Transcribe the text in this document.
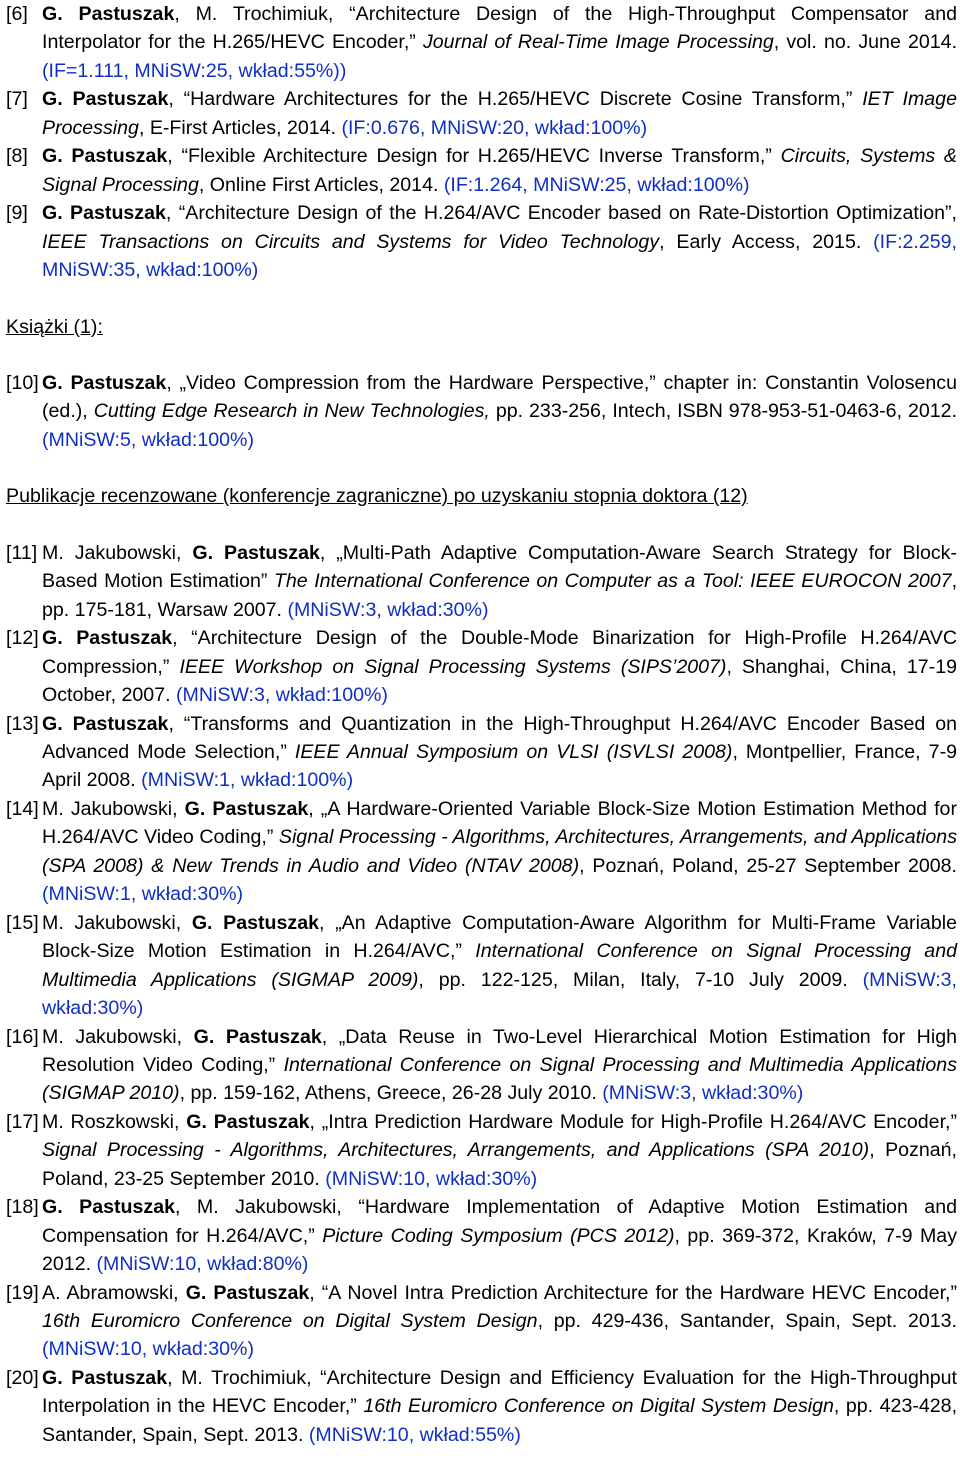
[6] G. Pastuszak, M. Trochimiuk, “Architecture Design of the High-Throughput Compensator and Interpolator for the H.265/HEVC Encoder,” Journal of Real-Time Image Processing, vol. no. June 2014. (IF=1.111, MNiSW:25, wkład:55%))

[7] G. Pastuszak, “Hardware Architectures for the H.265/HEVC Discrete Cosine Transform,” IET Image Processing, E-First Articles, 2014. (IF:0.676, MNiSW:20, wkład:100%)

[8] G. Pastuszak, “Flexible Architecture Design for H.265/HEVC Inverse Transform,” Circuits, Systems & Signal Processing, Online First Articles, 2014. (IF:1.264, MNiSW:25, wkład:100%)

[9] G. Pastuszak, “Architecture Design of the H.264/AVC Encoder based on Rate-Distortion Optimization”, IEEE Transactions on Circuits and Systems for Video Technology, Early Access, 2015. (IF:2.259, MNiSW:35, wkład:100%)

Książki (1):

[10] G. Pastuszak, „Video Compression from the Hardware Perspective,” chapter in: Constantin Volosencu (ed.), Cutting Edge Research in New Technologies, pp. 233-256, Intech, ISBN 978-953-51-0463-6, 2012. (MNiSW:5, wkład:100%)

Publikacje recenzowane (konferencje zagraniczne) po uzyskaniu stopnia doktora (12)

[11] M. Jakubowski, G. Pastuszak, „Multi-Path Adaptive Computation-Aware Search Strategy for Block-Based Motion Estimation” The International Conference on Computer as a Tool: IEEE EUROCON 2007, pp. 175-181, Warsaw 2007. (MNiSW:3, wkład:30%)

[12] G. Pastuszak, “Architecture Design of the Double-Mode Binarization for High-Profile H.264/AVC Compression,” IEEE Workshop on Signal Processing Systems (SIPS’2007), Shanghai, China, 17-19 October, 2007. (MNiSW:3, wkład:100%)

[13] G. Pastuszak, “Transforms and Quantization in the High-Throughput H.264/AVC Encoder Based on Advanced Mode Selection,” IEEE Annual Symposium on VLSI (ISVLSI 2008), Montpellier, France, 7-9 April 2008. (MNiSW:1, wkład:100%)

[14] M. Jakubowski, G. Pastuszak, „A Hardware-Oriented Variable Block-Size Motion Estimation Method for H.264/AVC Video Coding,” Signal Processing - Algorithms, Architectures, Arrangements, and Applications (SPA 2008) & New Trends in Audio and Video (NTAV 2008), Poznań, Poland, 25-27 September 2008. (MNiSW:1, wkład:30%)

[15] M. Jakubowski, G. Pastuszak, „An Adaptive Computation-Aware Algorithm for Multi-Frame Variable Block-Size Motion Estimation in H.264/AVC,” International Conference on Signal Processing and Multimedia Applications (SIGMAP 2009), pp. 122-125, Milan, Italy, 7-10 July 2009. (MNiSW:3, wkład:30%)

[16] M. Jakubowski, G. Pastuszak, „Data Reuse in Two-Level Hierarchical Motion Estimation for High Resolution Video Coding,” International Conference on Signal Processing and Multimedia Applications (SIGMAP 2010), pp. 159-162, Athens, Greece, 26-28 July 2010. (MNiSW:3, wkład:30%)

[17] M. Roszkowski, G. Pastuszak, „Intra Prediction Hardware Module for High-Profile H.264/AVC Encoder,” Signal Processing - Algorithms, Architectures, Arrangements, and Applications (SPA 2010), Poznań, Poland, 23-25 September 2010. (MNiSW:10, wkład:30%)

[18] G. Pastuszak, M. Jakubowski, “Hardware Implementation of Adaptive Motion Estimation and Compensation for H.264/AVC,” Picture Coding Symposium (PCS 2012), pp. 369-372, Kraków, 7-9 May 2012. (MNiSW:10, wkład:80%)

[19] A. Abramowski, G. Pastuszak, “A Novel Intra Prediction Architecture for the Hardware HEVC Encoder,” 16th Euromicro Conference on Digital System Design, pp. 429-436, Santander, Spain, Sept. 2013. (MNiSW:10, wkład:30%)

[20] G. Pastuszak, M. Trochimiuk, “Architecture Design and Efficiency Evaluation for the High-Throughput Interpolation in the HEVC Encoder,” 16th Euromicro Conference on Digital System Design, pp. 423-428, Santander, Spain, Sept. 2013. (MNiSW:10, wkład:55%)
